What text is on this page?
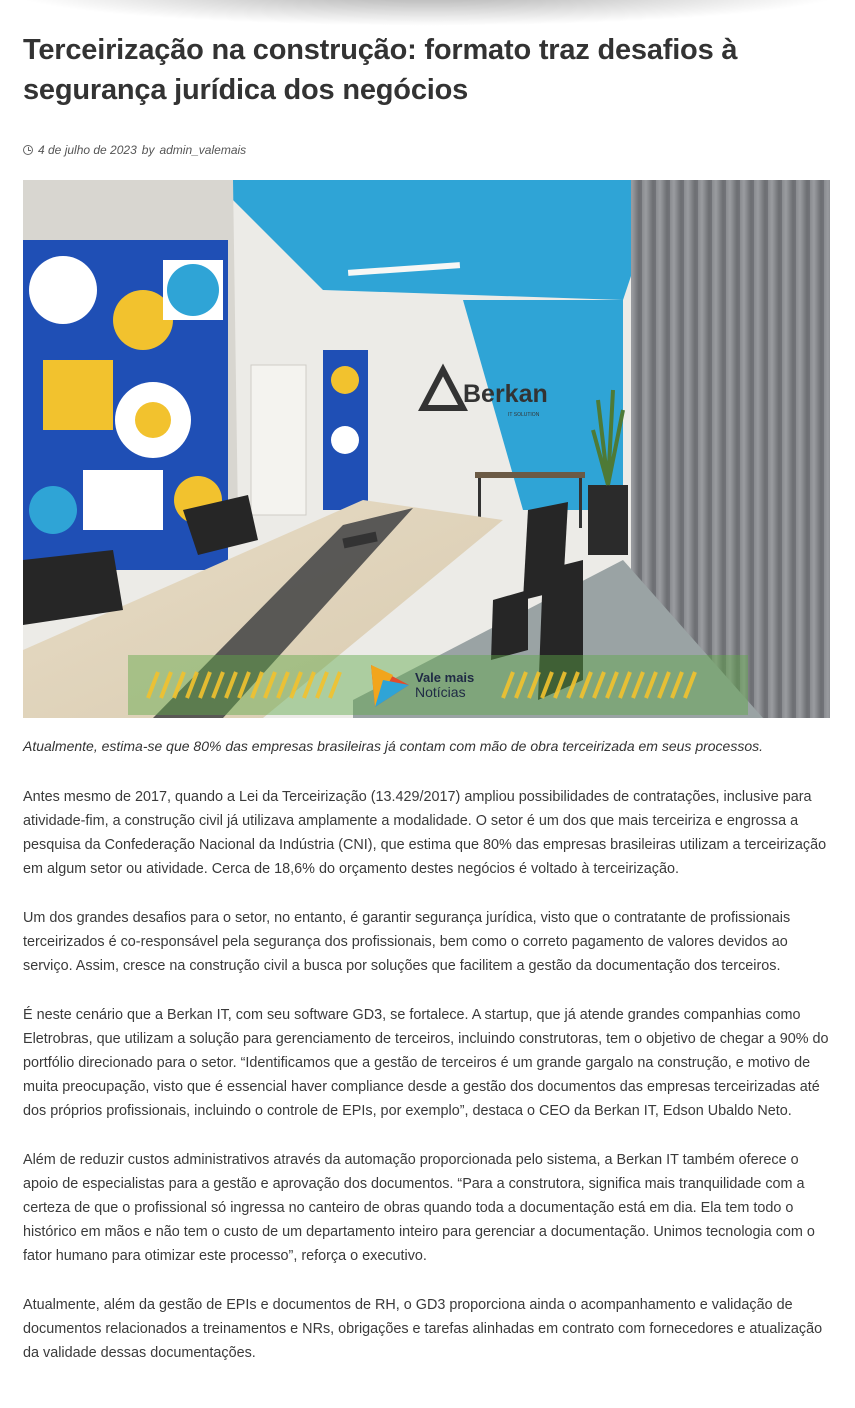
Terceirização na construção: formato traz desafios à segurança jurídica dos negócios
4 de julho de 2023 by admin_valemais
Berkan
IT SOLUTION
Vale mais
Notícias
Atualmente, estima-se que 80% das empresas brasileiras já contam com mão de obra terceirizada em seus processos.

Antes mesmo de 2017, quando a Lei da Terceirização (13.429/2017) ampliou possibilidades de contratações, inclusive para atividade-fim, a construção civil já utilizava amplamente a modalidade. O setor é um dos que mais terceiriza e engrossa a pesquisa da Confederação Nacional da Indústria (CNI), que estima que 80% das empresas brasileiras utilizam a terceirização em algum setor ou atividade. Cerca de 18,6% do orçamento destes negócios é voltado à terceirização.

Um dos grandes desafios para o setor, no entanto, é garantir segurança jurídica, visto que o contratante de profissionais terceirizados é co-responsável pela segurança dos profissionais, bem como o correto pagamento de valores devidos ao serviço. Assim, cresce na construção civil a busca por soluções que facilitem a gestão da documentação dos terceiros.

É neste cenário que a Berkan IT, com seu software GD3, se fortalece. A startup, que já atende grandes companhias como Eletrobras, que utilizam a solução para gerenciamento de terceiros, incluindo construtoras, tem o objetivo de chegar a 90% do portfólio direcionado para o setor. “Identificamos que a gestão de terceiros é um grande gargalo na construção, e motivo de muita preocupação, visto que é essencial haver compliance desde a gestão dos documentos das empresas terceirizadas até dos próprios profissionais, incluindo o controle de EPIs, por exemplo”, destaca o CEO da Berkan IT, Edson Ubaldo Neto.

Além de reduzir custos administrativos através da automação proporcionada pelo sistema, a Berkan IT também oferece o apoio de especialistas para a gestão e aprovação dos documentos. “Para a construtora, significa mais tranquilidade com a certeza de que o profissional só ingressa no canteiro de obras quando toda a documentação está em dia. Ela tem todo o histórico em mãos e não tem o custo de um departamento inteiro para gerenciar a documentação. Unimos tecnologia com o fator humano para otimizar este processo”, reforça o executivo.

Atualmente, além da gestão de EPIs e documentos de RH, o GD3 proporciona ainda o acompanhamento e validação de documentos relacionados a treinamentos e NRs, obrigações e tarefas alinhadas em contrato com fornecedores e atualização da validade dessas documentações.
